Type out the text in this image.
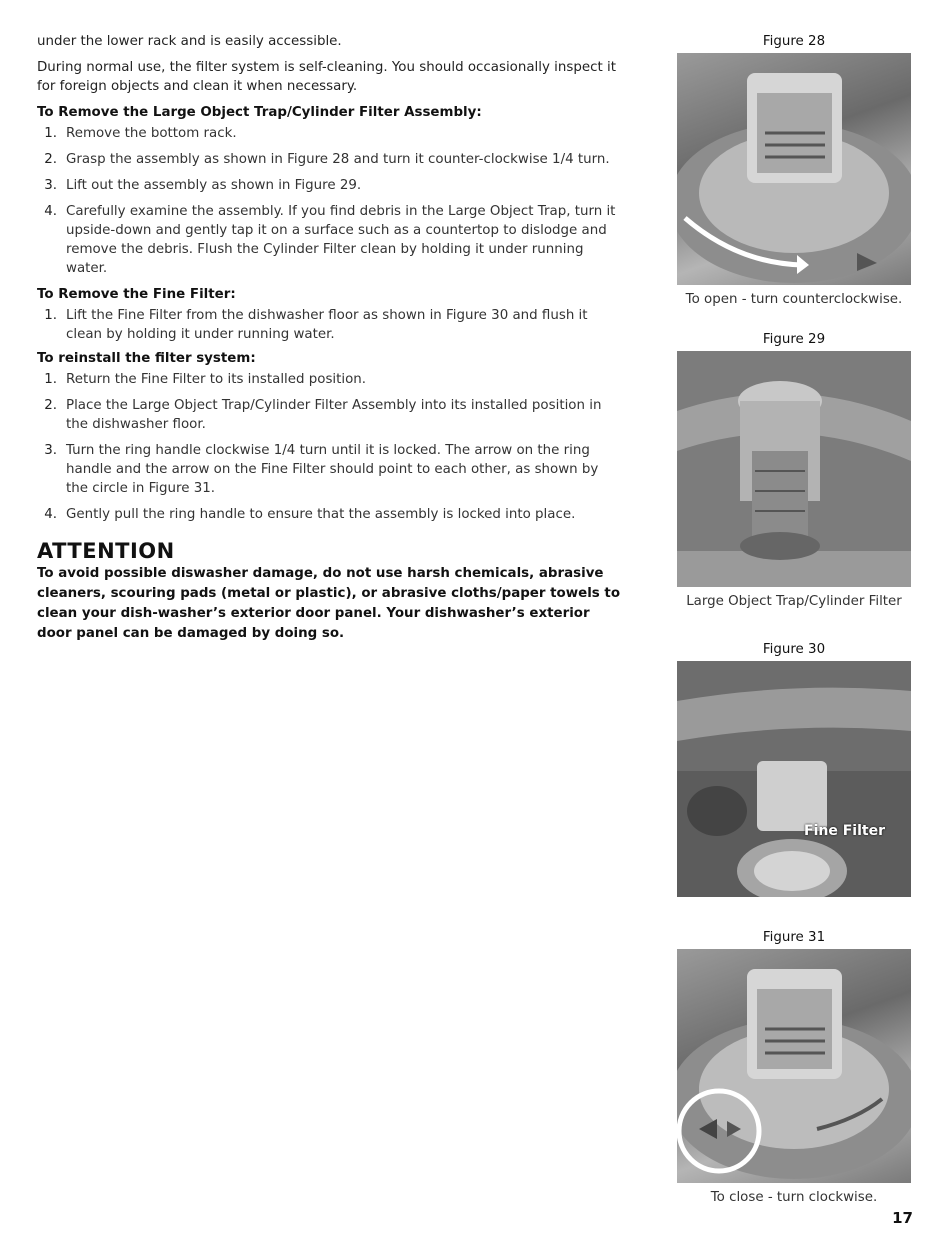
under the lower rack and is easily accessible.

During normal use, the filter system is self-cleaning. You should occasionally inspect it for foreign objects and clean it when necessary.

To Remove the Large Object Trap/Cylinder Filter Assembly:
1. Remove the bottom rack.
2. Grasp the assembly as shown in Figure 28 and turn it counter-clockwise 1/4 turn.
3. Lift out the assembly as shown in Figure 29.
4. Carefully examine the assembly. If you find debris in the Large Object Trap, turn it upside-down and gently tap it on a surface such as a countertop to dislodge and remove the debris. Flush the Cylinder Filter clean by holding it under running water.
To Remove the Fine Filter:
1. Lift the Fine Filter from the dishwasher floor as shown in Figure 30 and flush it clean by holding it under running water.
To reinstall the filter system:
1. Return the Fine Filter to its installed position.
2. Place the Large Object Trap/Cylinder Filter Assembly into its installed position in the dishwasher floor.
3. Turn the ring handle clockwise 1/4 turn until it is locked. The arrow on the ring handle and the arrow on the Fine Filter should point to each other, as shown by the circle in Figure 31.
4. Gently pull the ring handle to ensure that the assembly is locked into place.
ATTENTION
To avoid possible diswasher damage, do not use harsh chemicals, abrasive cleaners, scouring pads (metal or plastic), or abrasive cloths/paper towels to clean your dish-washer’s exterior door panel. Your dishwasher’s exterior door panel can be damaged by doing so.
Figure 28
To open - turn counterclockwise.
Figure 29
Large Object Trap/Cylinder Filter
Figure 30
Fine Filter
Figure 31
To close - turn clockwise.
17
